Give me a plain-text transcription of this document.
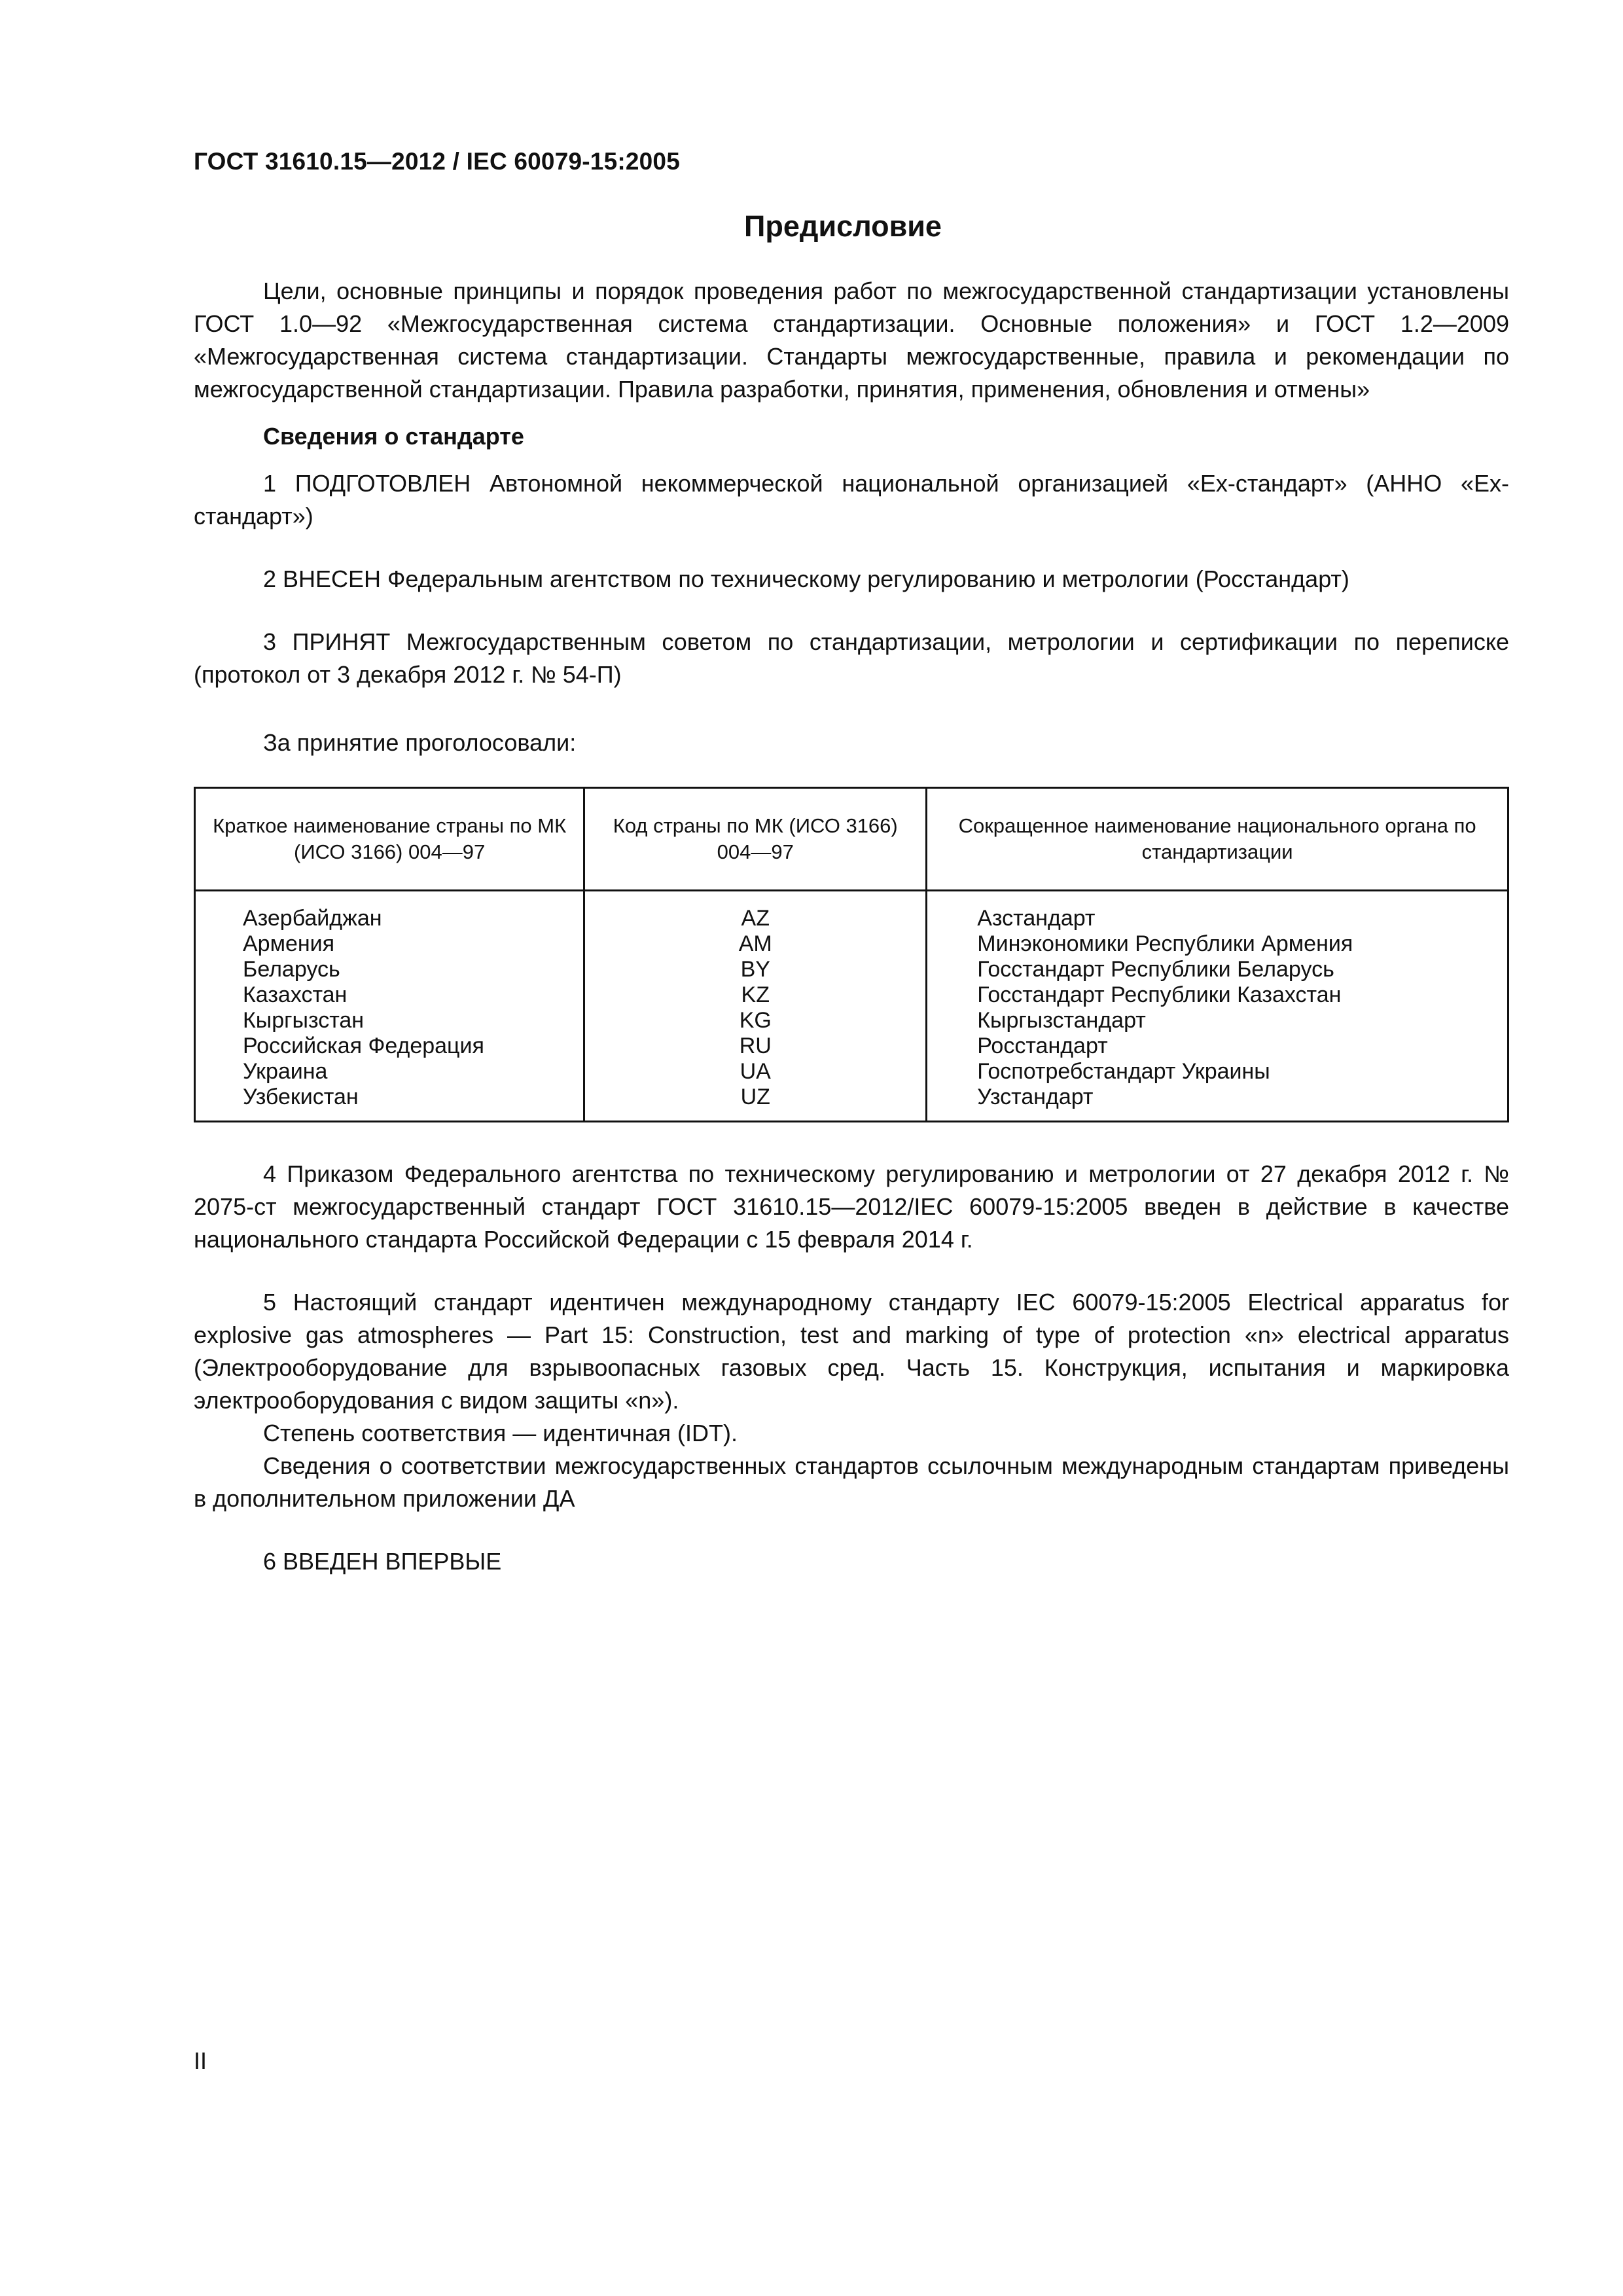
ГОСТ 31610.15—2012 / IEC 60079-15:2005
Предисловие

Цели, основные принципы и порядок проведения работ по межгосударственной стандартизации установлены ГОСТ 1.0—92 «Межгосударственная система стандартизации. Основные положения» и ГОСТ 1.2—2009 «Межгосударственная система стандартизации. Стандарты межгосударственные, правила и рекомендации по межгосударственной стандартизации. Правила разработки, принятия, применения, обновления и отмены»

Сведения о стандарте

1 ПОДГОТОВЛЕН Автономной некоммерческой национальной организацией «Ех-стандарт» (АННО «Ех-стандарт»)

2 ВНЕСЕН Федеральным агентством по техническому регулированию и метрологии (Росстандарт)

3 ПРИНЯТ Межгосударственным советом по стандартизации, метрологии и сертификации по переписке (протокол от 3 декабря 2012 г. № 54-П)

За принятие проголосовали:

Краткое наименование страны по МК (ИСО 3166) 004—97	Код страны по МК (ИСО 3166) 004—97	Сокращенное наименование национального органа по стандартизации
Азербайджан	AZ	Азстандарт
Армения	AM	Минэкономики Республики Армения
Беларусь	BY	Госстандарт Республики Беларусь
Казахстан	KZ	Госстандарт Республики Казахстан
Кыргызстан	KG	Кыргызстандарт
Российская Федерация	RU	Росстандарт
Украина	UA	Госпотребстандарт Украины
Узбекистан	UZ	Узстандарт

4 Приказом Федерального агентства по техническому регулированию и метрологии от 27 декабря 2012 г. № 2075-ст межгосударственный стандарт ГОСТ 31610.15—2012/IEC 60079-15:2005 введен в действие в качестве национального стандарта Российской Федерации с 15 февраля 2014 г.

5 Настоящий стандарт идентичен международному стандарту IEC 60079-15:2005 Electrical apparatus for explosive gas atmospheres — Part 15: Construction, test and marking of type of protection «n» electrical apparatus (Электрооборудование для взрывоопасных газовых сред. Часть 15. Конструкция, испытания и маркировка электрооборудования с видом защиты «n»).

Степень соответствия — идентичная (IDT).

Сведения о соответствии межгосударственных стандартов ссылочным международным стандартам приведены в дополнительном приложении ДА

6 ВВЕДЕН ВПЕРВЫЕ

II
